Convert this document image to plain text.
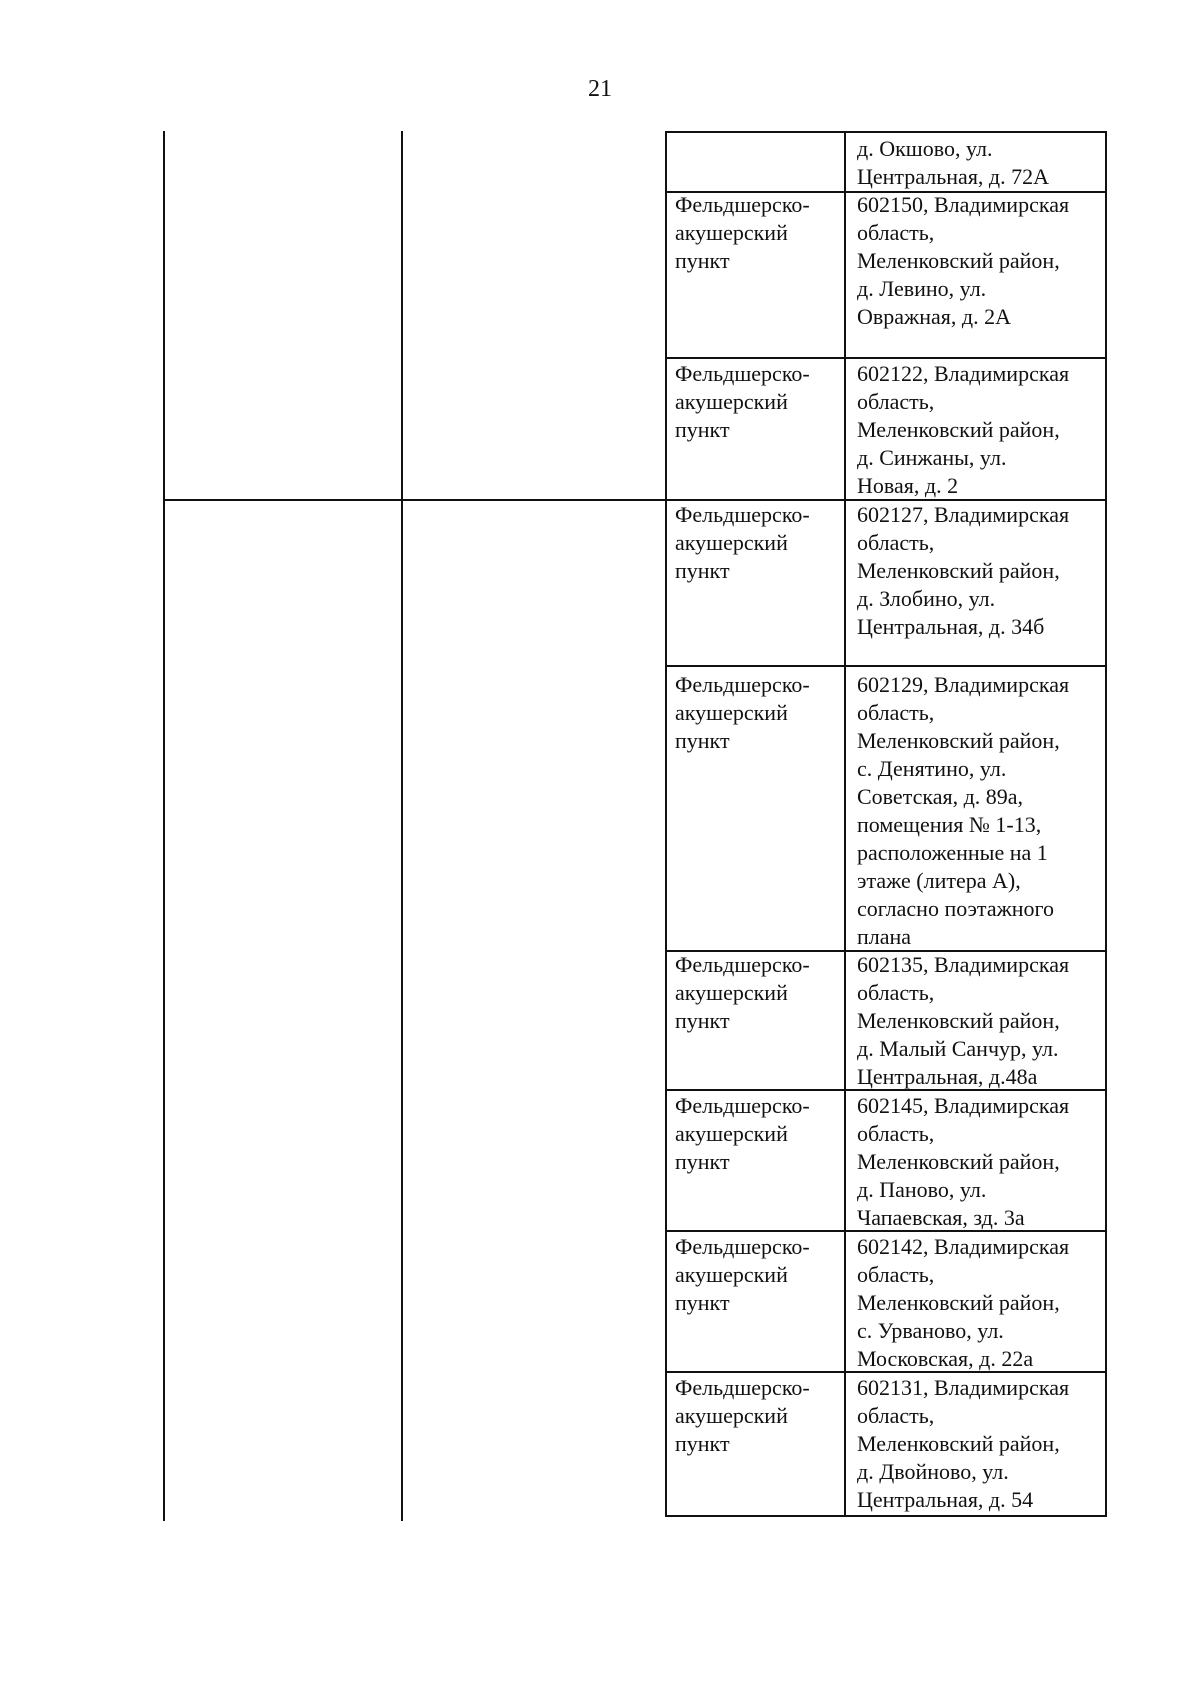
21
д. Окшово, ул.
Центральная, д. 72А
Фельдшерско-
акушерский
пункт
602150, Владимирская
область,
Меленковский район,
д. Левино, ул.
Овражная, д. 2А
Фельдшерско-
акушерский
пункт
602122, Владимирская
область,
Меленковский район,
д. Синжаны, ул.
Новая, д. 2
Фельдшерско-
акушерский
пункт
602127, Владимирская
область,
Меленковский район,
д. Злобино, ул.
Центральная, д. 34б
Фельдшерско-
акушерский
пункт
602129, Владимирская
область,
Меленковский район,
с. Денятино, ул.
Советская, д. 89а,
помещения № 1-13,
расположенные на 1
этаже (литера А),
согласно поэтажного
плана
Фельдшерско-
акушерский
пункт
602135, Владимирская
область,
Меленковский район,
д. Малый Санчур, ул.
Центральная, д.48а
Фельдшерско-
акушерский
пункт
602145, Владимирская
область,
Меленковский район,
д. Паново, ул.
Чапаевская, зд. 3а
Фельдшерско-
акушерский
пункт
602142, Владимирская
область,
Меленковский район,
с. Урваново, ул.
Московская, д. 22а
Фельдшерско-
акушерский
пункт
602131, Владимирская
область,
Меленковский район,
д. Двойново, ул.
Центральная, д. 54
